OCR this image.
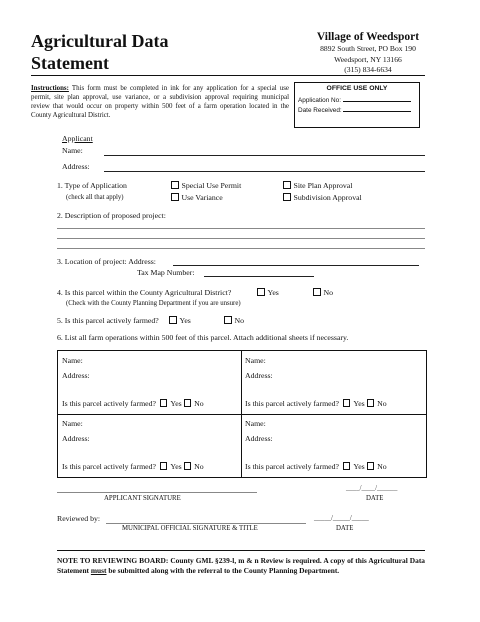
Agricultural Data
Statement
Village of Weedsport
8892 South Street, PO Box 190
Weedsport, NY 13166
(315) 834-6634
Instructions: This form must be completed in ink for any application for a special use permit, site plan approval, use variance, or a subdivision approval requiring municipal review that would occur on property within 500 feet of a farm operation located in the County Agricultural District.
OFFICE USE ONLY
Application No:
Date Received:
Applicant
Name:
Address:
1. Type of Application
(check all that apply)
Special Use Permit	Site Plan Approval
Use Variance	Subdivision Approval
2. Description of proposed project:
3. Location of project: Address:
Tax Map Number:
4. Is this parcel within the County Agricultural District?	Yes	No
(Check with the County Planning Department if you are unsure)
5. Is this parcel actively farmed?	Yes	No
6. List all farm operations within 500 feet of this parcel. Attach additional sheets if necessary.
Name:
Address:
Is this parcel actively farmed? Yes No
Name:
Address:
Is this parcel actively farmed? Yes No
Name:
Address:
Is this parcel actively farmed? Yes No
Name:
Address:
Is this parcel actively farmed? Yes No
APPLICANT SIGNATURE
____/____/______
DATE
Reviewed by:
MUNICIPAL OFFICIAL SIGNATURE & TITLE
_____/_____/_____
DATE
NOTE TO REVIEWING BOARD: County GML §239-l, m & n Review is required. A copy of this Agricultural Data Statement must be submitted along with the referral to the County Planning Department.
